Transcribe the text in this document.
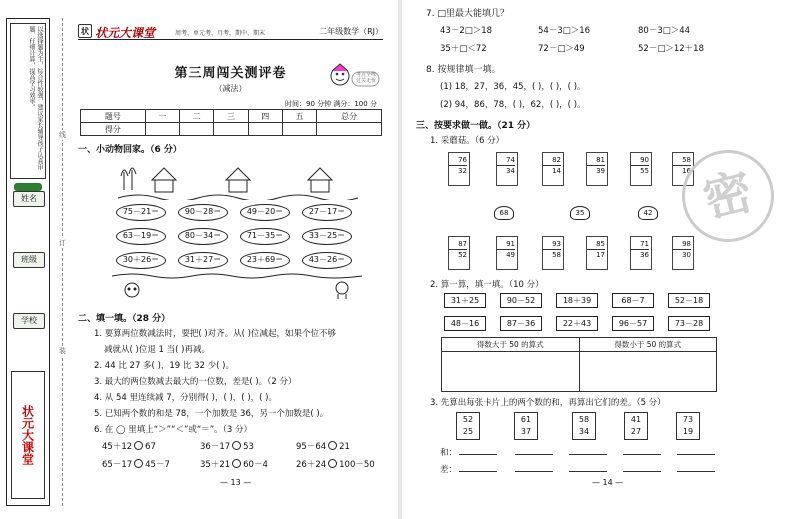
以选择题为主，综合性较强，建议家长辅导孩子认真审题、仔细计算，提高学习效率。
姓名
班级
学校
状元大课堂
线
订
装
状 状元大课堂	周考、单元考、月考、期中、期末	二年级数学（RJ）
第三周闯关测评卷
（减法）
考点全练 过关无忧
时间：90 分钟 满分：100 分
题号	一	二	三	四	五	总分
得分						
一、小动物回家。（6 分）
75－21＝	90－28＝	49－20＝	27－17＝
63－19＝	80－34＝	71－35＝	33－25＝
30＋26＝	31＋27＝	23＋69＝	43－26＝
二、填一填。（28 分）
1. 要算两位数减法时，要把( )对齐。从( )位减起，如果个位不够
减就从( )位退 1 当( )再减。
2. 44 比 27 多( )，19 比 32 少( )。
3. 最大的两位数减去最大的一位数，差是( )。（2 分）
4. 从 54 里连续减 7，分别得( )，( )，( )，( )。
5. 已知两个数的和是 78，一个加数是 36，另一个加数是( )。
6. 在 ◯ 里填上“＞”“＜”或“＝”。（3 分）
45＋12 67	36－17 53	95－64 21
65－17 45－7	35＋21 60－4	26＋24 100－50
— 13 —
7. □里最大能填几？
43－2□＞18	54－3□＞16	80－3□＞44
35＋□＜72	72－□＞49	52－□＞12＋18
8. 按规律填一填。
(1) 18，27，36，45，( )，( )，( )。
(2) 94，86，78，( )，62，( )，( )。
三、按要求做一做。（21 分）
1. 采蘑菇。（6 分）
76
32
74
34
82
14
81
39
90
55
58
16
68	35	42
87
52
91
49
93
58
85
17
71
36
98
30
2. 算一算，填一填。（10 分）
31＋25	90－52	18＋39	68－7	52－18
48－16	87－36	22＋43	96－57	73－28
3. 先算出每张卡片上的两个数的和，再算出它们的差。（5 分）
52
25
61
37
58
34
41
27
73
19
和：
差：
— 14 —
得数大于 50 的算式	得数小于 50 的算式

密
